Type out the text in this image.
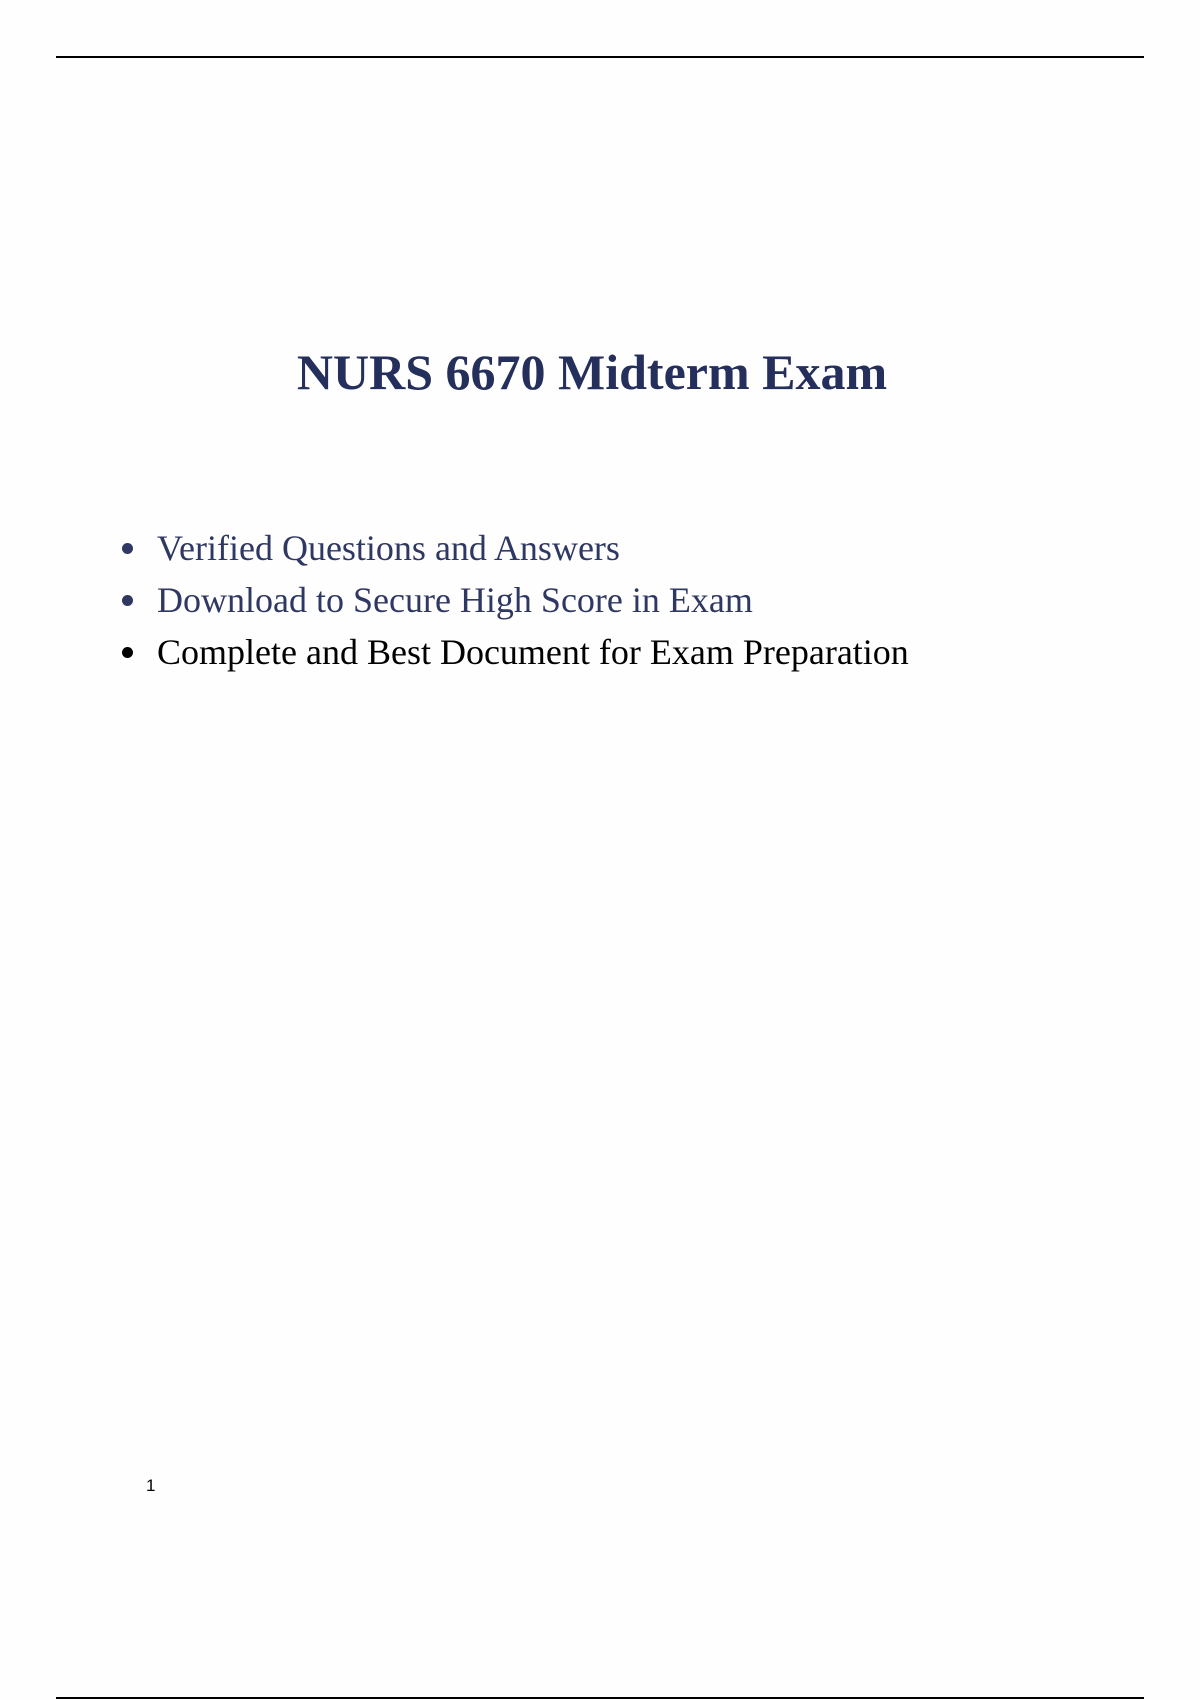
NURS 6670 Midterm Exam
Verified Questions and Answers
Download to Secure High Score in Exam
Complete and Best Document for Exam Preparation
1
